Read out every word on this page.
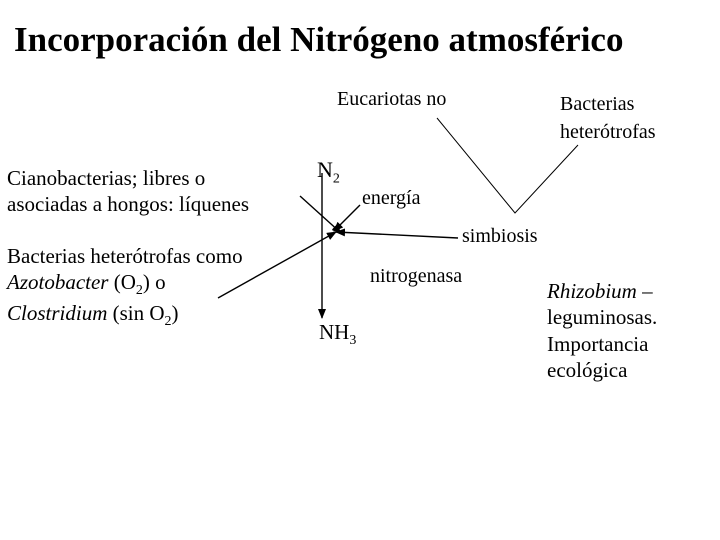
Incorporación del Nitrógeno atmosférico
Eucariotas no	Bacterias
heterótrofas
$N_2$
energía
simbiosis
nitrogenasa
$NH_3$
Cianobacterias; libres o
asociadas a hongos: líquenes
Bacterias heterótrofas como
Azotobacter $(O_2)$ o
Clostridium (sin $O_2$)
Rhizobium –
leguminosas.
Importancia
ecológica
